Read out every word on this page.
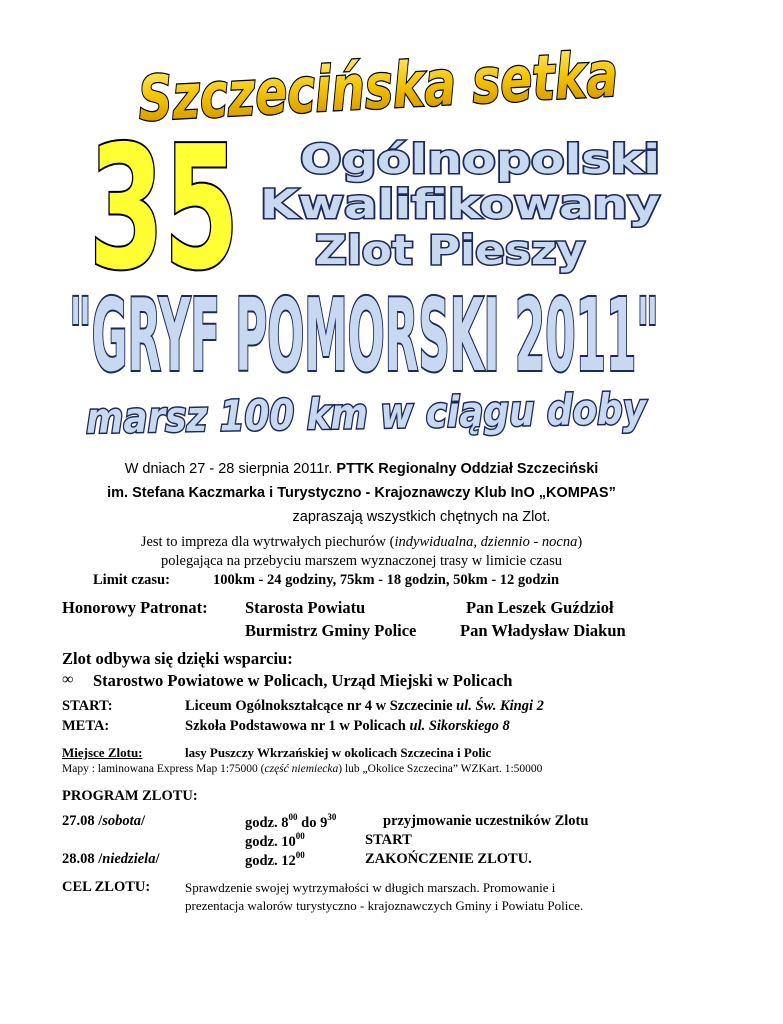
Szczecińska setka
35 Ogólnopolski
Kwalifikowany
Zlot Pieszy
"GRYF POMORSKI 2011"
marsz 100 km w ciągu doby
W dniach 27 - 28 sierpnia 2011r. PTTK Regionalny Oddział Szczeciński
im. Stefana Kaczmarka i Turystyczno - Krajoznawczy Klub InO „KOMPAS”
zapraszają wszystkich chętnych na Zlot.
Jest to impreza dla wytrwałych piechurów (indywidualna, dziennio - nocna)
polegająca na przebyciu marszem wyznaczonej trasy w limicie czasu
Limit czasu:	100km - 24 godziny, 75km - 18 godzin, 50km - 12 godzin
Honorowy Patronat: Starosta Powiatu	Pan Leszek Guździoł
Burmistrz Gminy Police	Pan Władysław Diakun
Zlot odbywa się dzięki wsparciu:
∞ Starostwo Powiatowe w Policach, Urząd Miejski w Policach
START:	Liceum Ogólnokształcące nr 4 w Szczecinie ul. Św. Kingi 2
META:	Szkoła Podstawowa nr 1 w Policach ul. Sikorskiego 8
Miejsce Zlotu:	lasy Puszczy Wkrzańskiej w okolicach Szczecina i Polic
Mapy : laminowana Express Map 1:75000 (część niemiecka) lub „Okolice Szczecina” WZKart. 1:50000
PROGRAM ZLOTU:
27.08 /sobota/	godz. $8^{00}$ do $9^{30}$	przyjmowanie uczestników Zlotu
godz. $10^{00}$	START
28.08 /niedziela/	godz. $12^{00}$	ZAKOŃCZENIE ZLOTU.
CEL ZLOTU:	Sprawdzenie swojej wytrzymałości w długich marszach. Promowanie i
prezentacja walorów turystyczno - krajoznawczych Gminy i Powiatu Police.
